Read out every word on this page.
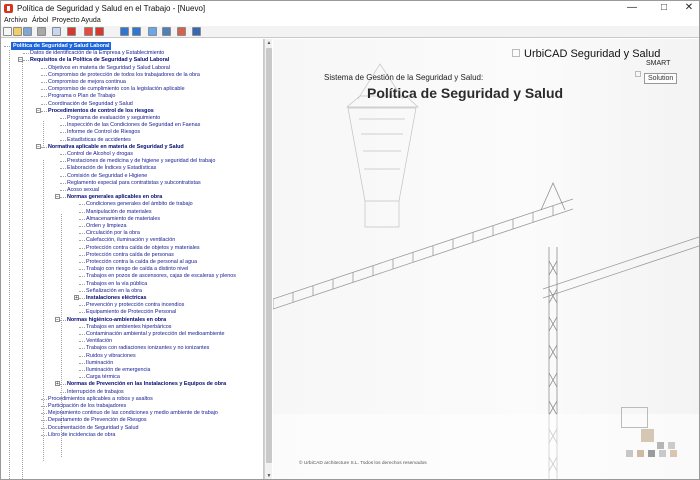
Política de Seguridad y Salud en el Trabajo - [Nuevo]	—	□	✕
Archivo Árbol Proyecto Ayuda
Política de Seguridad y Salud Laboral
Datos de identificación de la Empresa y Establecimiento
Requisitos de la Política de Seguridad y Salud Laboral
−
Objetivos en materia de Seguridad y Salud Laboral
Compromiso de protección de todos los trabajadores de la obra
Compromiso de mejora continua
Compromiso de cumplimiento con la legislación aplicable
Programa o Plan de Trabajo
Coordinación de Seguridad y Salud
Procedimientos de control de los riesgos
−
Programa de evaluación y seguimiento
Inspección de las Condiciones de Seguridad en Faenas
Informe de Control de Riesgos
Estadísticas de accidentes
Normativa aplicable en materia de Seguridad y Salud
−
Control de Alcohol y drogas
Prestaciones de medicina y de higiene y seguridad del trabajo
Elaboración de Índices y Estadísticas
Comisión de Seguridad e Higiene
Reglamento especial para contratistas y subcontratistas
Acoso sexual
Normas generales aplicables en obra
−
Condiciones generales del ámbito de trabajo
Manipulación de materiales
Almacenamiento de materiales
Orden y limpieza
Circulación por la obra
Calefacción, iluminación y ventilación
Protección contra caída de objetos y materiales
Protección contra caída de personas
Protección contra la caída de personal al agua
Trabajo con riesgo de caída a distinto nivel
Trabajos en pozos de ascensores, cajas de escaleras y plenos
Trabajos en la vía pública
Señalización en la obra
Instalaciones eléctricas
+
Prevención y protección contra incendios
Equipamiento de Protección Personal
Normas higiénico-ambientales en obra
−
Trabajos en ambientes hiperbáricos
Contaminación ambiental y protección del medioambiente
Ventilación
Trabajos con radiaciones ionizantes y no ionizantes
Ruidos y vibraciones
Iluminación
Iluminación de emergencia
Carga térmica
Normas de Prevención en las Instalaciones y Equipos de obra
+
Interrupción de trabajos
Procedimientos aplicables a robos y asaltos
Participación de los trabajadores
Mejoramiento continuo de las condiciones y medio ambiente de trabajo
Departamento de Prevención de Riesgos
Documentación de Seguridad y Salud
Libro de incidencias de obra
▲
▼
UrbiCAD Seguridad y Salud
SMART
Solution
Sistema de Gestión de la Seguridad y Salud:
Política de Seguridad y Salud
© UrbiCAD architecture S.L. Todos los derechos reservados
